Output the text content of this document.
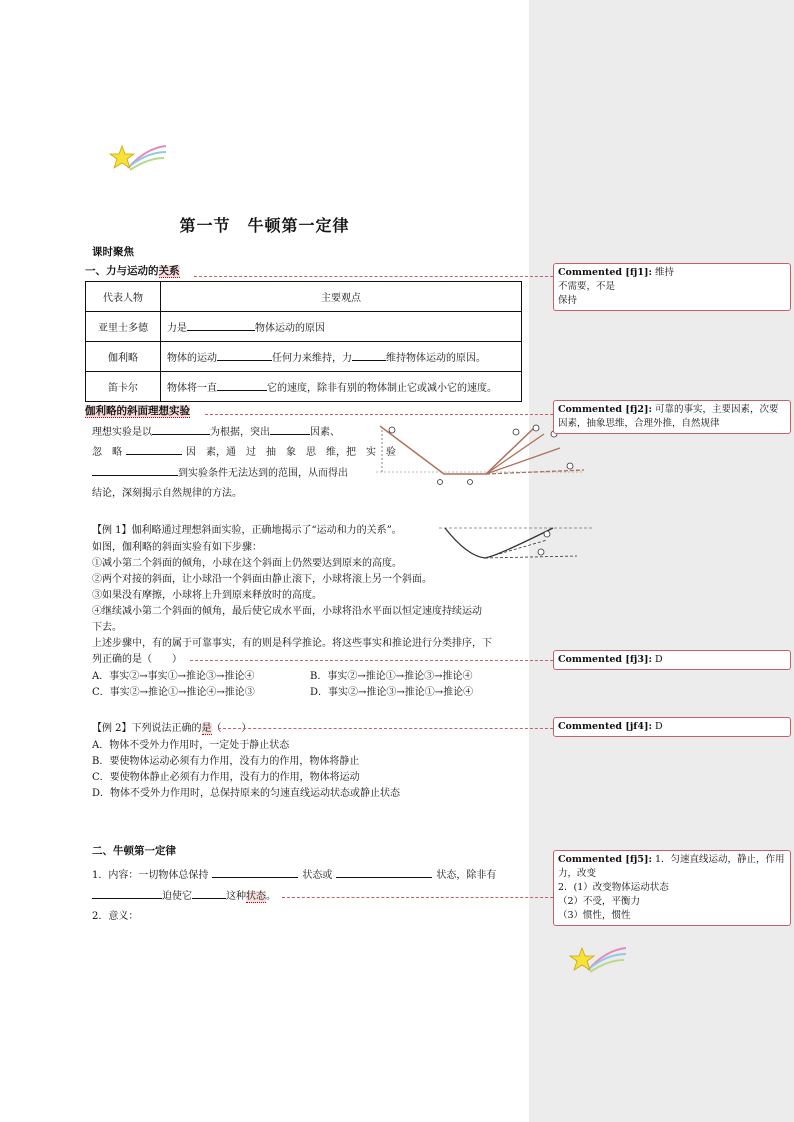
第一节　牛顿第一定律
课时聚焦
一、力与运动的关系
代表人物	主要观点
亚里士多德	力是 物体运动的原因
伽利略	物体的运动 任何力来维持，力 维持物体运动的原因。
笛卡尔	物体将一直 它的速度，除非有别的物体制止它或减小它的速度。
伽利略的斜面理想实验
理想实验是以	为根据，突出	因素、
忽　略	因　素，通　过　抽　象　思　维，把　实　验
到实验条件无法达到的范围，从而得出
结论，深刻揭示自然规律的方法。
【例 1】伽利略通过理想斜面实验，正确地揭示了“运动和力的关系”。
如图，伽利略的斜面实验有如下步骤：
①减小第二个斜面的倾角，小球在这个斜面上仍然要达到原来的高度。
②两个对接的斜面，让小球沿一个斜面由静止滚下，小球将滚上另一个斜面。
③如果没有摩擦，小球将上升到原来释放时的高度。
④继续减小第二个斜面的倾角，最后使它成水平面，小球将沿水平面以恒定速度持续运动
下去。
上述步骤中，有的属于可靠事实，有的则是科学推论。将这些事实和推论进行分类排序，下
列正确的是（　　）
A．事实②→事实①→推论③→推论④	B．事实②→推论①→推论③→推论④
C．事实②→推论①→推论④→推论③	D．事实②→推论③→推论①→推论④
【例 2】下列说法正确的是（　　）
A．物体不受外力作用时，一定处于静止状态
B．要使物体运动必须有力作用，没有力的作用，物体将静止
C．要使物体静止必须有力作用，没有力的作用，物体将运动
D．物体不受外力作用时，总保持原来的匀速直线运动状态或静止状态
二、牛顿第一定律
1．内容：一切物体总保持	状态或	状态，除非有
迫使它	这种状态。
2．意义：
Commented [fj1]: 维持
不需要，不是
保持
Commented [fj2]: 可靠的事实，主要因素，次要因素，抽象思维，合理外推，自然规律
Commented [fj3]: D
Commented [jf4]: D
Commented [fj5]: 1．匀速直线运动，静止，作用力，改变
2．(1）改变物体运动状态
（2）不受，平衡力
（3）惯性，惯性
